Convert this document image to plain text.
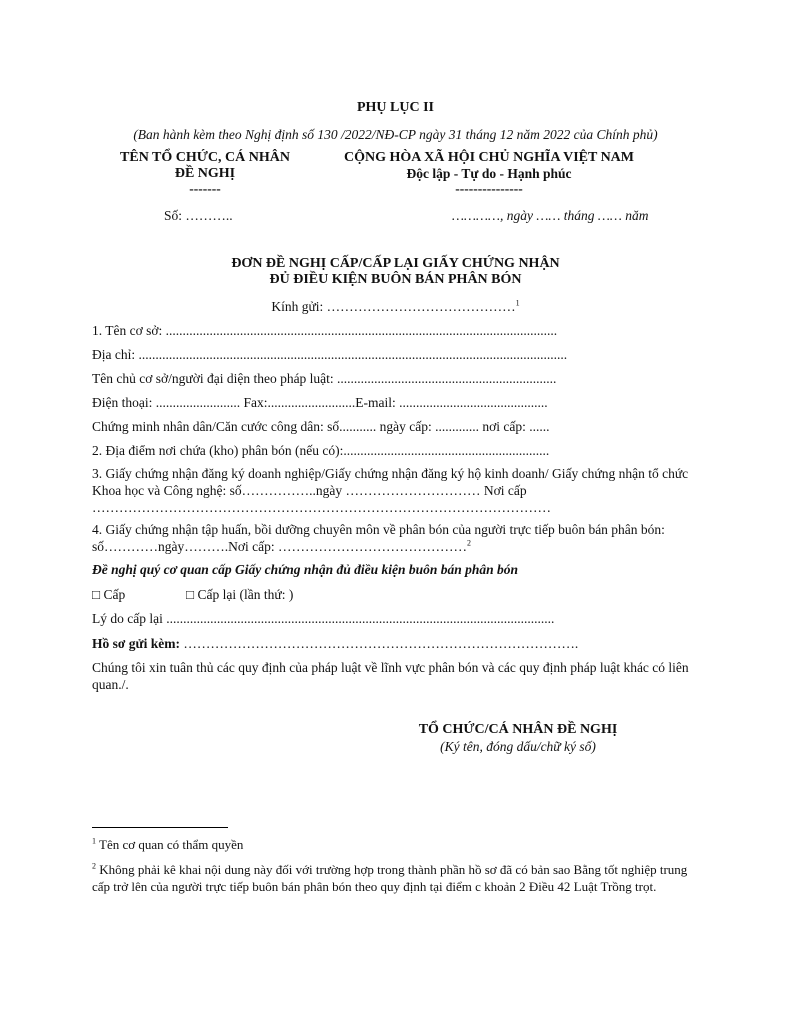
PHỤ LỤC II
(Ban hành kèm theo Nghị định số 130 /2022/NĐ-CP ngày 31 tháng 12 năm 2022 của Chính phủ)
TÊN TỔ CHỨC, CÁ NHÂN
ĐỀ NGHỊ
-------
CỘNG HÒA XÃ HỘI CHỦ NGHĨA VIỆT NAM
Độc lập - Tự do - Hạnh phúc
---------------
Số: ………..	…………, ngày …… tháng …… năm
ĐƠN ĐỀ NGHỊ CẤP/CẤP LẠI GIẤY CHỨNG NHẬN
ĐỦ ĐIỀU KIỆN BUÔN BÁN PHÂN BÓN
Kính gửi: ……………………………………$^1$
1. Tên cơ sở: ....................................................................................................................
Địa chỉ: ...............................................................................................................................
Tên chủ cơ sở/người đại diện theo pháp luật: .................................................................
Điện thoại: ......................... Fax:..........................E-mail: ............................................
Chứng minh nhân dân/Căn cước công dân: số........... ngày cấp: ............. nơi cấp: ......
2. Địa điểm nơi chứa (kho) phân bón (nếu có):.............................................................
3. Giấy chứng nhận đăng ký doanh nghiệp/Giấy chứng nhận đăng ký hộ kinh doanh/ Giấy chứng nhận tổ chức Khoa học và Công nghệ: số……………..ngày ………………………… Nơi cấp …………………………………………………………………………………………
4. Giấy chứng nhận tập huấn, bồi dưỡng chuyên môn về phân bón của người trực tiếp buôn bán phân bón: số…………ngày……….Nơi cấp: ……………………………………$^2$
Đề nghị quý cơ quan cấp Giấy chứng nhận đủ điều kiện buôn bán phân bón
□ Cấp	□ Cấp lại (lần thứ: )
Lý do cấp lại ...................................................................................................................
Hồ sơ gửi kèm: …………………………………………………………………………….
Chúng tôi xin tuân thủ các quy định của pháp luật về lĩnh vực phân bón và các quy định pháp luật khác có liên quan./.
TỔ CHỨC/CÁ NHÂN ĐỀ NGHỊ
(Ký tên, đóng dấu/chữ ký số)
$^1$ Tên cơ quan có thẩm quyền
$^2$ Không phải kê khai nội dung này đối với trường hợp trong thành phần hồ sơ đã có bản sao Bằng tốt nghiệp trung cấp trở lên của người trực tiếp buôn bán phân bón theo quy định tại điểm c khoản 2 Điều 42 Luật Trồng trọt.
